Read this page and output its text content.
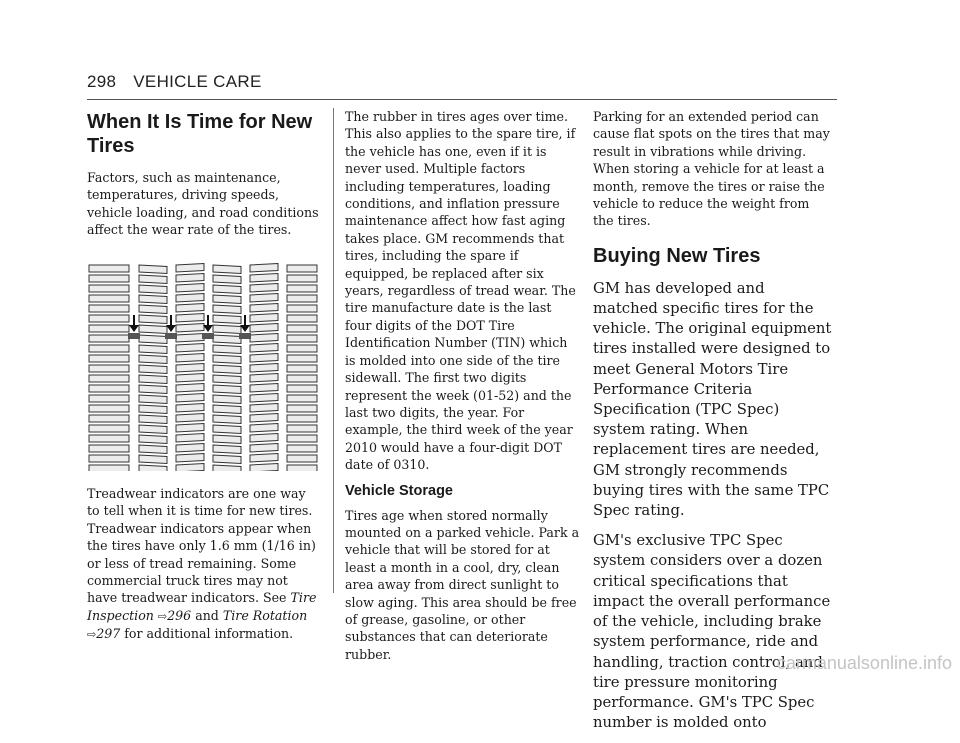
298 VEHICLE CARE
When It Is Time for New Tires

Factors, such as maintenance, temperatures, driving speeds, vehicle loading, and road conditions affect the wear rate of the tires.

Treadwear indicators are one way to tell when it is time for new tires. Treadwear indicators appear when the tires have only 1.6 mm (1/16 in) or less of tread remaining. Some commercial truck tires may not have treadwear indicators. See Tire Inspection ⇨296 and Tire Rotation ⇨297 for additional information.

The rubber in tires ages over time. This also applies to the spare tire, if the vehicle has one, even if it is never used. Multiple factors including temperatures, loading conditions, and inflation pressure maintenance affect how fast aging takes place. GM recommends that tires, including the spare if equipped, be replaced after six years, regardless of tread wear. The tire manufacture date is the last four digits of the DOT Tire Identification Number (TIN) which is molded into one side of the tire sidewall. The first two digits represent the week (01-52) and the last two digits, the year. For example, the third week of the year 2010 would have a four-digit DOT date of 0310.

Vehicle Storage

Tires age when stored normally mounted on a parked vehicle. Park a vehicle that will be stored for at least a month in a cool, dry, clean area away from direct sunlight to slow aging. This area should be free of grease, gasoline, or other substances that can deteriorate rubber.

Parking for an extended period can cause flat spots on the tires that may result in vibrations while driving. When storing a vehicle for at least a month, remove the tires or raise the vehicle to reduce the weight from the tires.

Buying New Tires

GM has developed and matched specific tires for the vehicle. The original equipment tires installed were designed to meet General Motors Tire Performance Criteria Specification (TPC Spec) system rating. When replacement tires are needed, GM strongly recommends buying tires with the same TPC Spec rating.

GM's exclusive TPC Spec system considers over a dozen critical specifications that impact the overall performance of the vehicle, including brake system performance, ride and handling, traction control, and tire pressure monitoring performance. GM's TPC Spec number is molded onto

carmanualsonline.info
